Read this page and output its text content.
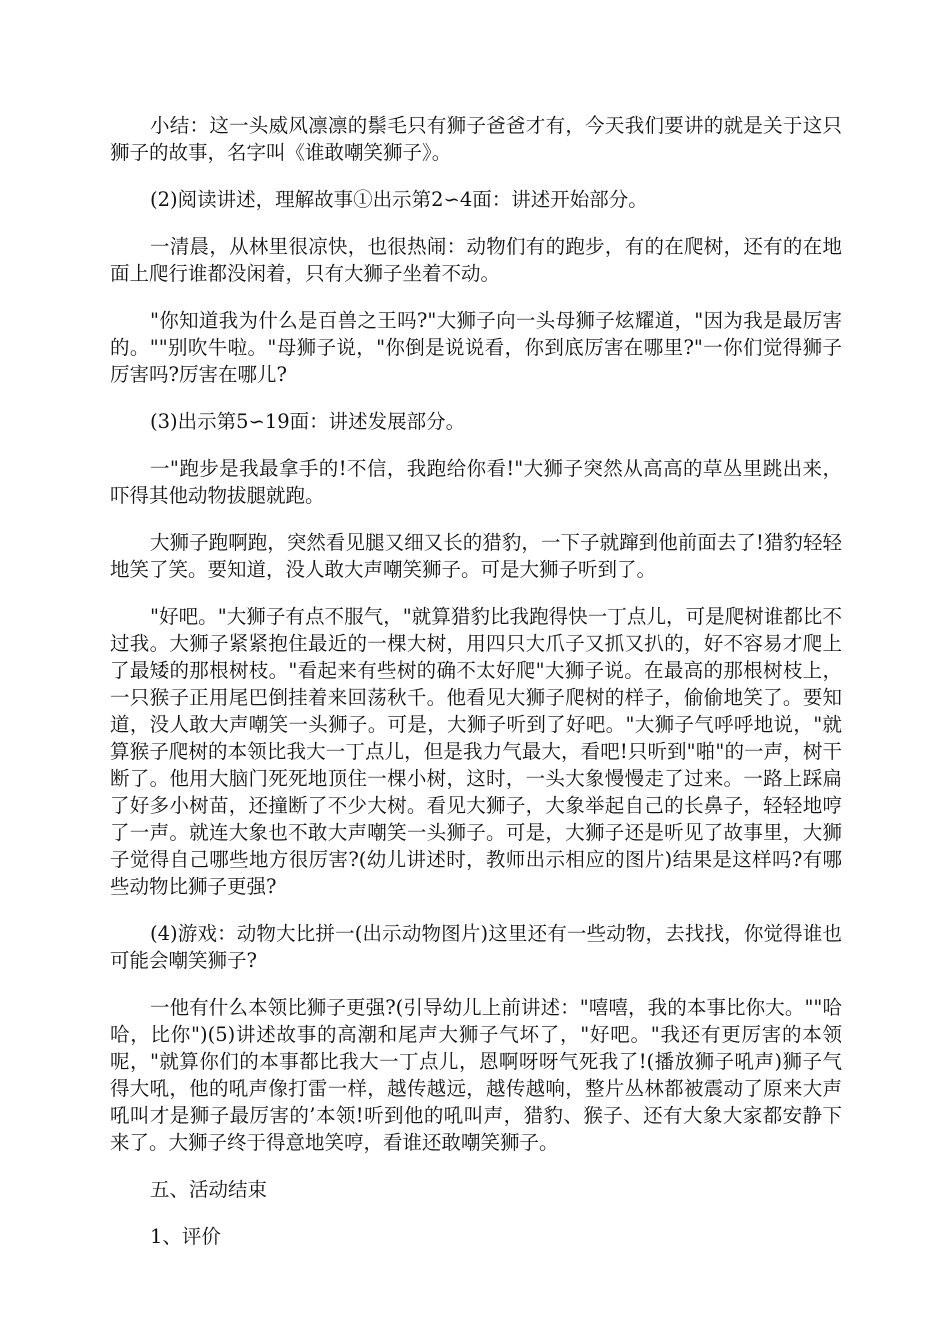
小结：这一头威风凛凛的鬃毛只有狮子爸爸才有，今天我们要讲的就是关于这只狮子的故事，名字叫《谁敢嘲笑狮子》。

(2)阅读讲述，理解故事①出示第2∽4面：讲述开始部分。

一清晨，从林里很凉快，也很热闹：动物们有的跑步，有的在爬树，还有的在地面上爬行谁都没闲着，只有大狮子坐着不动。

"你知道我为什么是百兽之王吗?"大狮子向一头母狮子炫耀道，"因为我是最厉害的。""别吹牛啦。"母狮子说，"你倒是说说看，你到底厉害在哪里?"一你们觉得狮子厉害吗?厉害在哪儿?

(3)出示第5∽19面：讲述发展部分。

一"跑步是我最拿手的!不信，我跑给你看!"大狮子突然从高高的草丛里跳出来，吓得其他动物拔腿就跑。

大狮子跑啊跑，突然看见腿又细又长的猎豹，一下子就蹿到他前面去了!猎豹轻轻地笑了笑。要知道，没人敢大声嘲笑狮子。可是大狮子听到了。

"好吧。"大狮子有点不服气，"就算猎豹比我跑得快一丁点儿，可是爬树谁都比不过我。大狮子紧紧抱住最近的一棵大树，用四只大爪子又抓又扒的，好不容易才爬上了最矮的那根树枝。"看起来有些树的确不太好爬"大狮子说。在最高的那根树枝上，一只猴子正用尾巴倒挂着来回荡秋千。他看见大狮子爬树的样子，偷偷地笑了。要知道，没人敢大声嘲笑一头狮子。可是，大狮子听到了好吧。"大狮子气呼呼地说，"就算猴子爬树的本领比我大一丁点儿，但是我力气最大，看吧!只听到"啪"的一声，树干断了。他用大脑门死死地顶住一棵小树，这时，一头大象慢慢走了过来。一路上踩扁了好多小树苗，还撞断了不少大树。看见大狮子，大象举起自己的长鼻子，轻轻地哼了一声。就连大象也不敢大声嘲笑一头狮子。可是，大狮子还是听见了故事里，大狮子觉得自己哪些地方很厉害?(幼儿讲述时，教师出示相应的图片)结果是这样吗?有哪些动物比狮子更强?

(4)游戏：动物大比拼一(出示动物图片)这里还有一些动物，去找找，你觉得谁也可能会嘲笑狮子?

一他有什么本领比狮子更强?(引导幼儿上前讲述："嘻嘻，我的本事比你大。""哈哈，比你")(5)讲述故事的高潮和尾声大狮子气坏了，"好吧。"我还有更厉害的本领呢，"就算你们的本事都比我大一丁点儿，恩啊呀呀气死我了!(播放狮子吼声)狮子气得大吼，他的吼声像打雷一样，越传越远，越传越响，整片丛林都被震动了原来大声吼叫才是狮子最厉害的’本领!听到他的吼叫声，猎豹、猴子、还有大象大家都安静下来了。大狮子终于得意地笑哼，看谁还敢嘲笑狮子。

五、活动结束

1、评价
